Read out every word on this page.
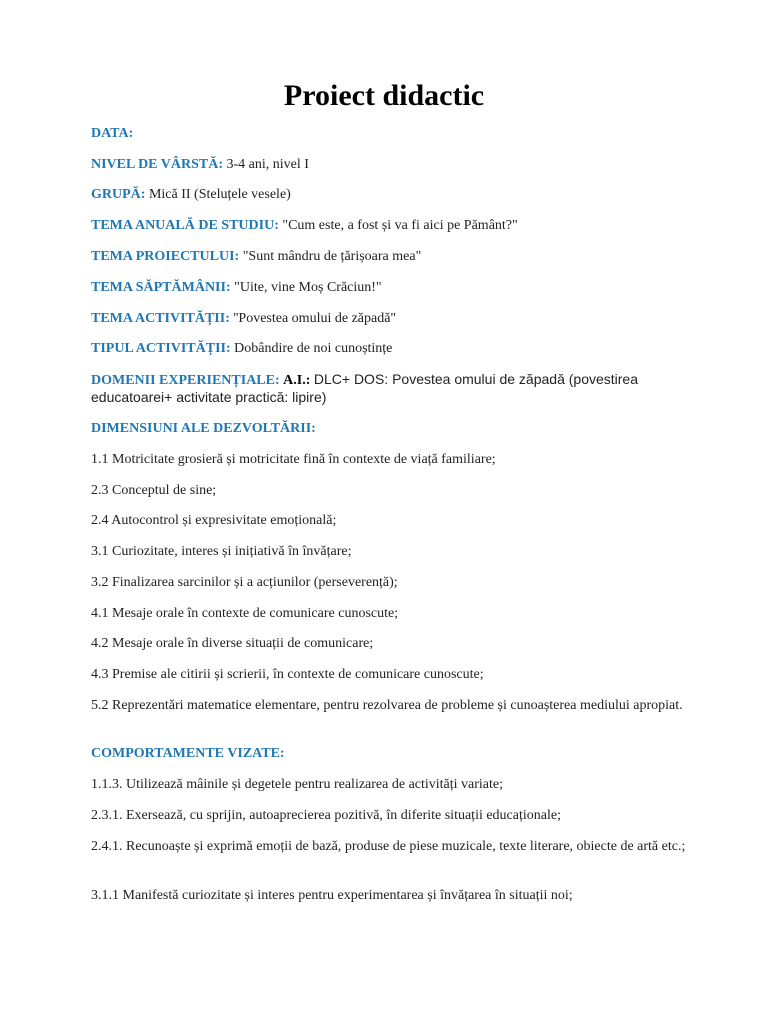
Proiect didactic

DATA:

NIVEL DE VÂRSTĂ: 3-4 ani, nivel I

GRUPĂ: Mică II (Steluțele vesele)

TEMA ANUALĂ DE STUDIU: "Cum este, a fost și va fi aici pe Pământ?"

TEMA PROIECTULUI: "Sunt mândru de țărișoara mea"

TEMA SĂPTĂMÂNII: "Uite, vine Moș Crăciun!"

TEMA ACTIVITĂȚII: ''Povestea omului de zăpadă"

TIPUL ACTIVITĂȚII: Dobândire de noi cunoștințe

DOMENII EXPERIENȚIALE: A.I.: DLC+ DOS: Povestea omului de zăpadă (povestirea educatoarei+ activitate practică: lipire)

DIMENSIUNI ALE DEZVOLTĂRII:

1.1 Motricitate grosieră și motricitate fină în contexte de viață familiare;

2.3 Conceptul de sine;

2.4 Autocontrol și expresivitate emoțională;

3.1 Curiozitate, interes și inițiativă în învățare;

3.2 Finalizarea sarcinilor și a acțiunilor (perseverență);

4.1 Mesaje orale în contexte de comunicare cunoscute;

4.2 Mesaje orale în diverse situații de comunicare;

4.3 Premise ale citirii și scrierii, în contexte de comunicare cunoscute;

5.2 Reprezentări matematice elementare, pentru rezolvarea de probleme și cunoașterea mediului apropiat.

COMPORTAMENTE VIZATE:

1.1.3. Utilizează mâinile și degetele pentru realizarea de activități variate;

2.3.1. Exersează, cu sprijin, autoaprecierea pozitivă, în diferite situații educaționale;

2.4.1. Recunoaște și exprimă emoții de bază, produse de piese muzicale, texte literare, obiecte de artă etc.;

3.1.1 Manifestă curiozitate și interes pentru experimentarea și învățarea în situații noi;
